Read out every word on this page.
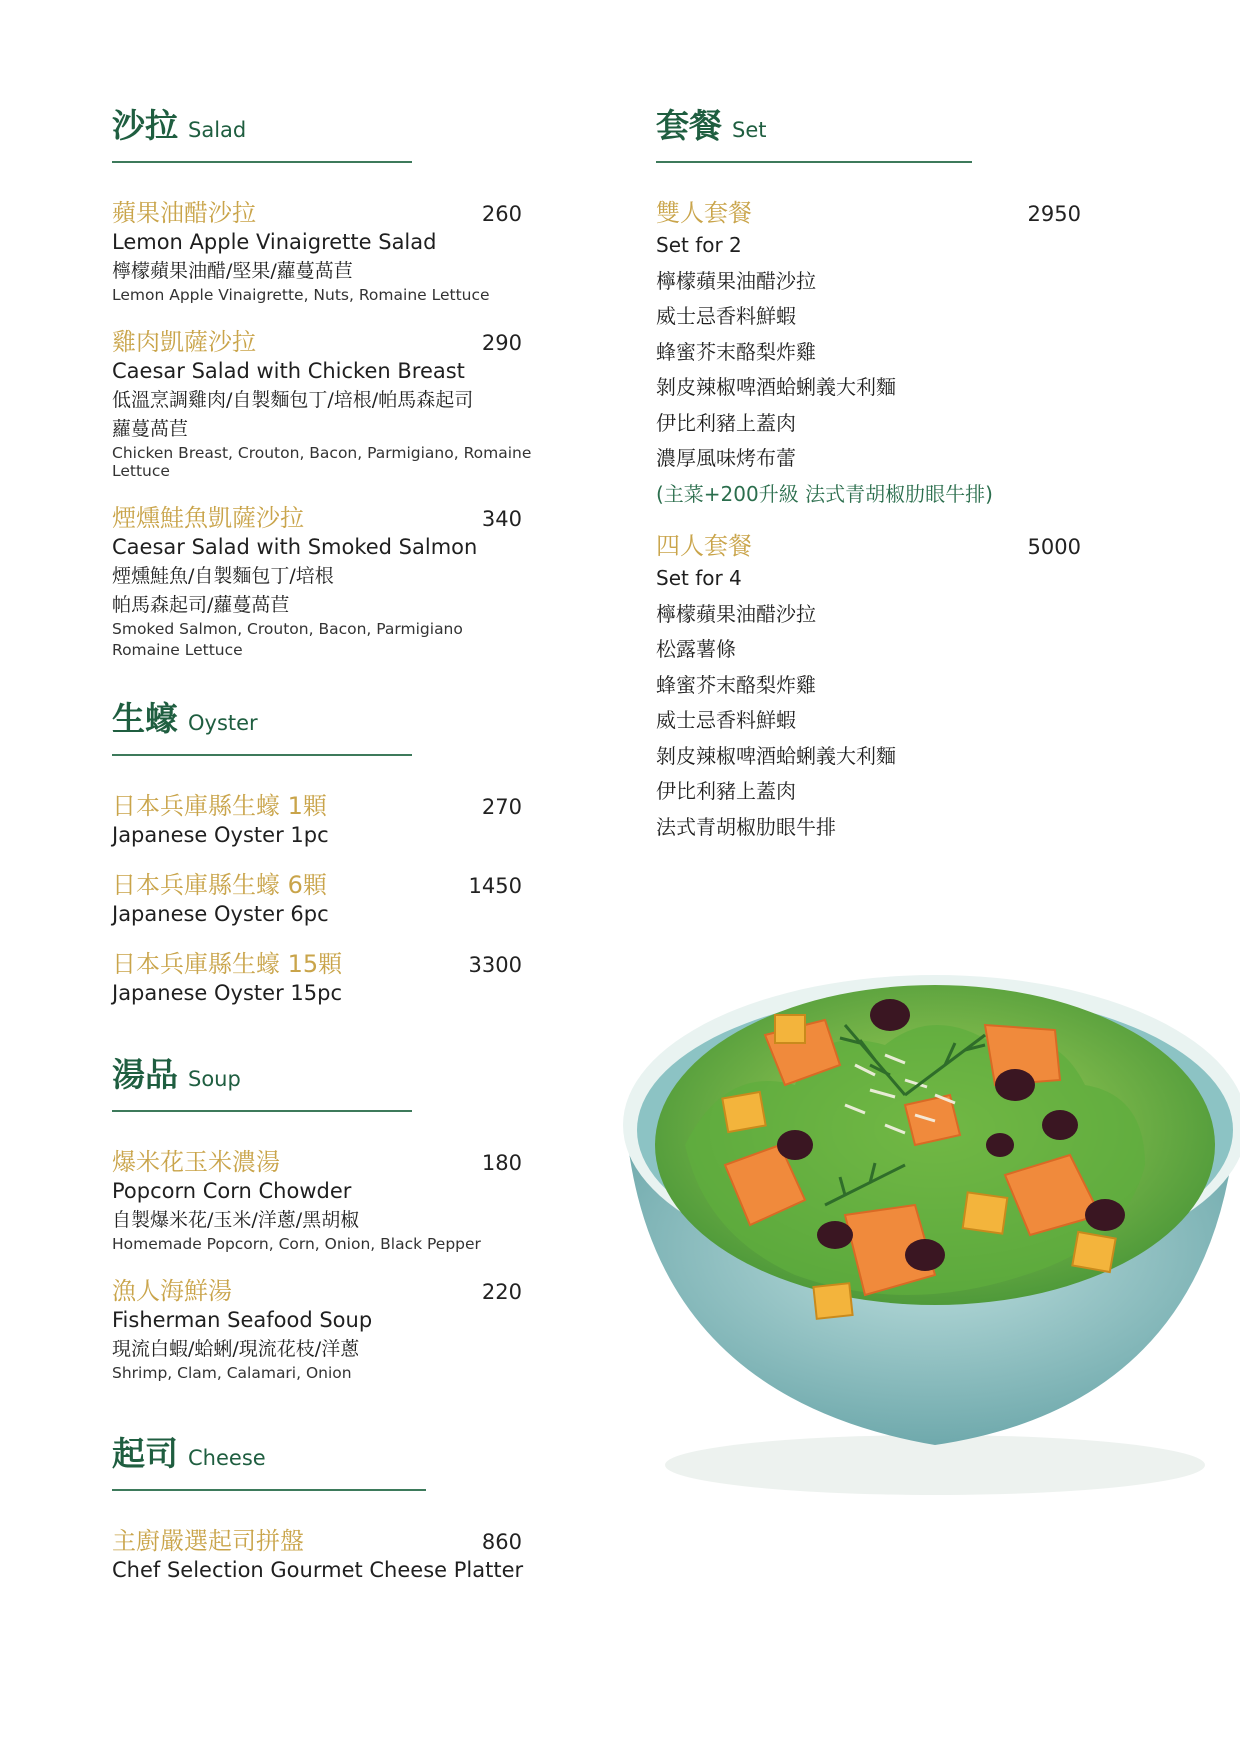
沙拉 Salad
蘋果油醋沙拉	260
Lemon Apple Vinaigrette Salad
檸檬蘋果油醋/堅果/蘿蔓萵苣
Lemon Apple Vinaigrette, Nuts, Romaine Lettuce
雞肉凱薩沙拉	290
Caesar Salad with Chicken Breast
低溫烹調雞肉/自製麵包丁/培根/帕馬森起司
蘿蔓萵苣
Chicken Breast, Crouton, Bacon, Parmigiano, Romaine Lettuce
煙燻鮭魚凱薩沙拉	340
Caesar Salad with Smoked Salmon
煙燻鮭魚/自製麵包丁/培根
帕馬森起司/蘿蔓萵苣
Smoked Salmon, Crouton, Bacon, Parmigiano
Romaine Lettuce
生蠔 Oyster
日本兵庫縣生蠔 1顆	270
Japanese Oyster 1pc
日本兵庫縣生蠔 6顆	1450
Japanese Oyster 6pc
日本兵庫縣生蠔 15顆	3300
Japanese Oyster 15pc
湯品 Soup
爆米花玉米濃湯	180
Popcorn Corn Chowder
自製爆米花/玉米/洋蔥/黑胡椒
Homemade Popcorn, Corn, Onion, Black Pepper
漁人海鮮湯	220
Fisherman Seafood Soup
現流白蝦/蛤蜊/現流花枝/洋蔥
Shrimp, Clam, Calamari, Onion
起司 Cheese
主廚嚴選起司拼盤	860
Chef Selection Gourmet Cheese Platter
套餐 Set
雙人套餐	2950
Set for 2
檸檬蘋果油醋沙拉
威士忌香料鮮蝦
蜂蜜芥末酪梨炸雞
剝皮辣椒啤酒蛤蜊義大利麵
伊比利豬上蓋肉
濃厚風味烤布蕾
(主菜+200升級 法式青胡椒肋眼牛排)
四人套餐	5000
Set for 4
檸檬蘋果油醋沙拉
松露薯條
蜂蜜芥末酪梨炸雞
威士忌香料鮮蝦
剝皮辣椒啤酒蛤蜊義大利麵
伊比利豬上蓋肉
法式青胡椒肋眼牛排
